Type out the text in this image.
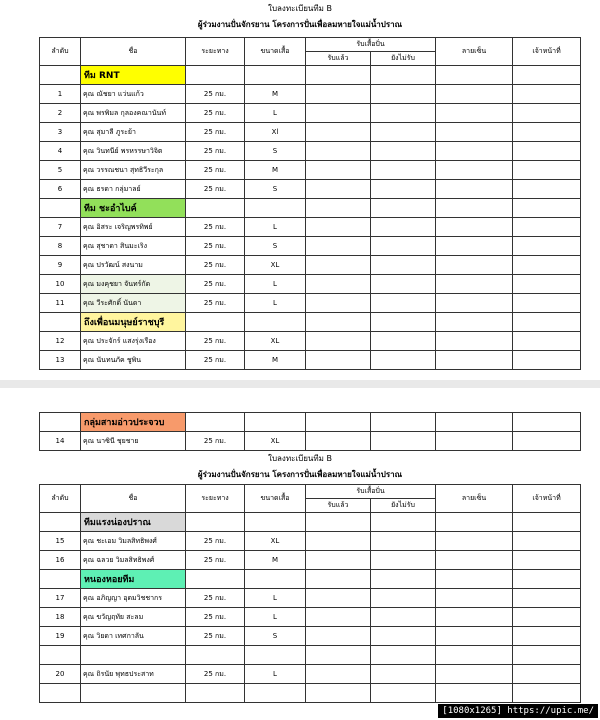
ใบลงทะเบียนทีม B
ผู้ร่วมงานปั่นจักรยาน โครงการปั่นเพื่อลมหายใจแม่น้ำปราณ
ลำดับ	ชื่อ	ระยะทาง	ขนาดเสื้อ	รับเสื้อปั่น		ลายเซ็น	เจ้าหน้าที่
				รับแล้ว	ยังไม่รับ		
	ทีม RNT						
1	คุณ ณัชยา แว่นแก้ว	25 กม.	M				
2	คุณ พรพิมล กุลองคณานันท์	25 กม.	L				
3	คุณ สุมาลี ภูระย้า	25 กม.	Xl				
4	คุณ วินทนีย์ พรหรรษาวิจิต	25 กม.	S				
5	คุณ วรรณชนา สุทธิวีระกุล	25 กม.	M				
6	คุณ ธรดา กลุ่มาลย์	25 กม.	S				
	ทีม ชะอำไบค์						
7	คุณ อิสระ เจริญพรทิพย์	25 กม.	L				
8	คุณ สุชาดา สินมะเริง	25 กม.	S				
9	คุณ ปรวัฒน์ สงนาม	25 กม.	XL				
10	คุณ มงคุชยา จันทร์กัด	25 กม.	L				
11	คุณ วีระศักดิ์ นันดา	25 กม.	L				
	ถึงเพื่อนมนุษย์ราชบุรี						
12	คุณ ประจักร์ แสงรุ่งเรือง	25 กม.	XL				
13	คุณ นันทนภัค ชูพิน	25 กม.	M				
	กลุ่มสามอ่าวประจวบ						
14	คุณ นาซินี ชุยชาย	25 กม.	XL				
ใบลงทะเบียนทีม B
ผู้ร่วมงานปั่นจักรยาน โครงการปั่นเพื่อลมหายใจแม่น้ำปราณ
ลำดับ	ชื่อ	ระยะทาง	ขนาดเสื้อ	รับเสื้อปั่น		ลายเซ็น	เจ้าหน้าที่
				รับแล้ว	ยังไม่รับ		
	ทีมแรงน่องปราณ						
15	คุณ ชะเอม วิมลสิทธิพงศ์	25 กม.	XL				
16	คุณ ฉลวย วิมลสิทธิพงศ์	25 กม.	M				
	หนองหอยทีม						
17	คุณ อภิญญา อุดมวิชชากร	25 กม.	L				
18	คุณ ขวัญฤทัย สะลม	25 กม.	L				
19	คุณ วิยดา เทศกาลัน	25 กม.	S				

20	คุณ ถิรนัย พุทธประสาท	25 กม.	L				

[1080x1265] https://upic.me/
